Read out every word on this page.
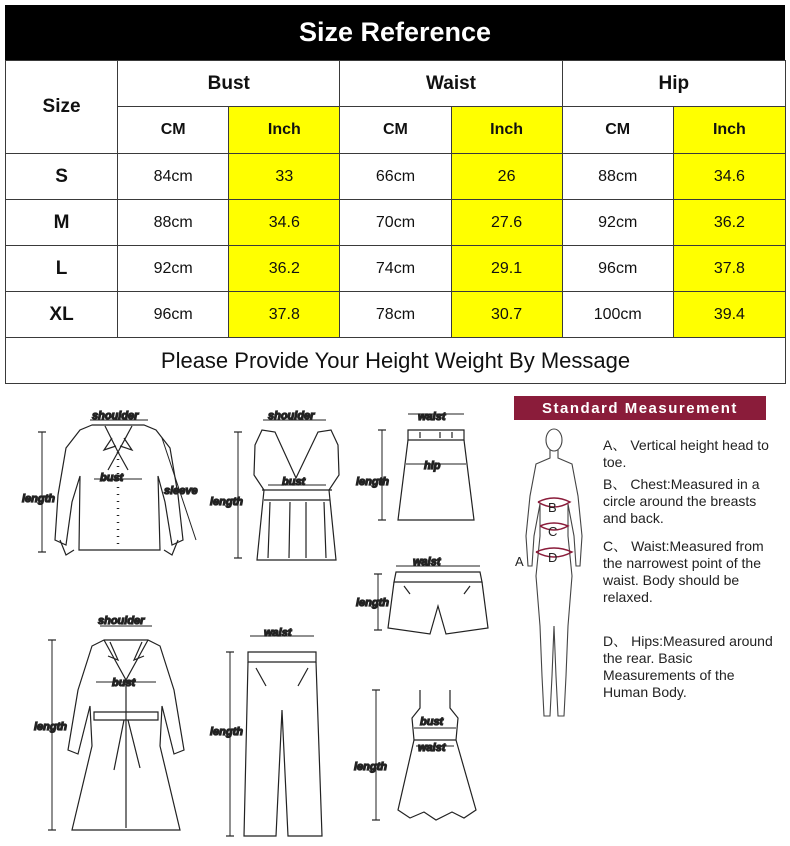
Size Reference
Size	Bust		Waist		Hip	
	CM	Inch	CM	Inch	CM	Inch
S	84cm	33	66cm	26	88cm	34.6
M	88cm	34.6	70cm	27.6	92cm	36.2
L	92cm	36.2	74cm	29.1	96cm	37.8
XL	96cm	37.8	78cm	30.7	100cm	39.4
Please Provide Your Height Weight By Message						
shoulder
bust
sleeve
length
shoulder
bust
length
waist
hip
length
waist
length
shoulder
bust
length
waist
length
bust
waist
length
Standard Measurement
B
C
D
A
A、 Vertical height head to toe.
B、 Chest:Measured in a circle around the breasts and back.
C、 Waist:Measured from the narrowest point of the waist. Body should be relaxed.
D、 Hips:Measured around the rear. Basic Measurements of the Human Body.
